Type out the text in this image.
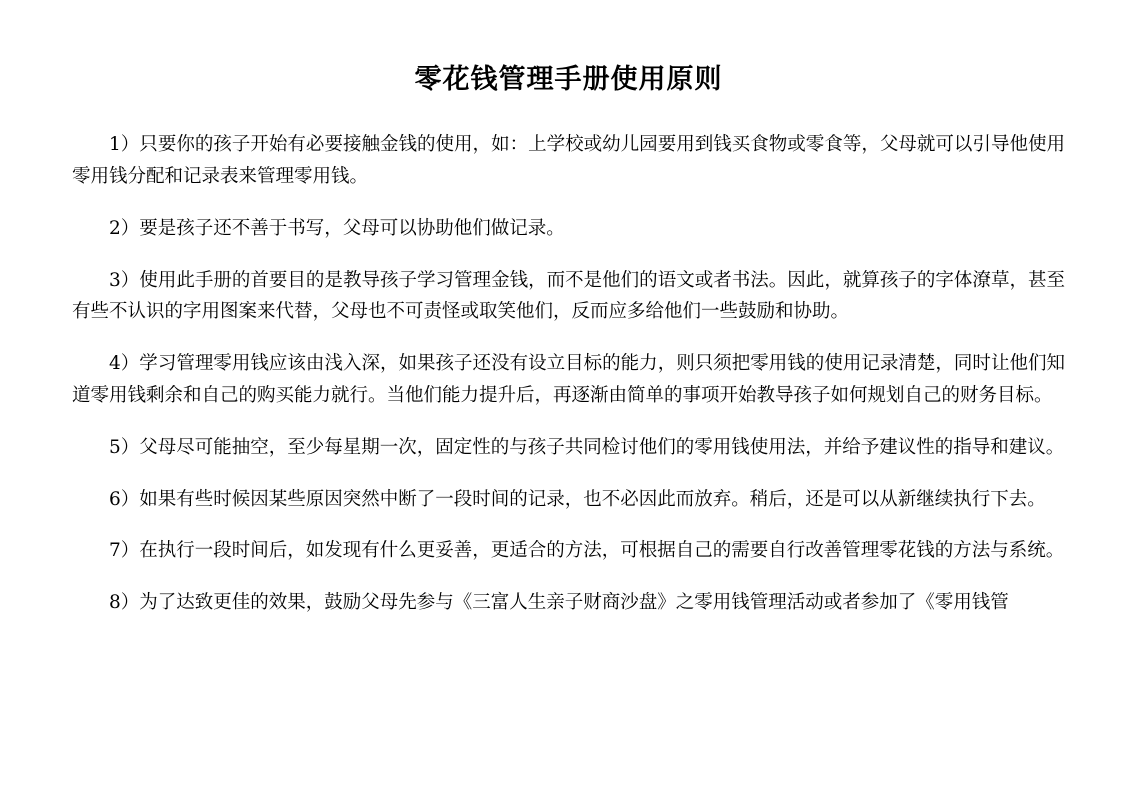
零花钱管理手册使用原则

1）只要你的孩子开始有必要接触金钱的使用，如：上学校或幼儿园要用到钱买食物或零食等，父母就可以引导他使用零用钱分配和记录表来管理零用钱。

2）要是孩子还不善于书写，父母可以协助他们做记录。

3）使用此手册的首要目的是教导孩子学习管理金钱，而不是他们的语文或者书法。因此，就算孩子的字体潦草，甚至有些不认识的字用图案来代替，父母也不可责怪或取笑他们，反而应多给他们一些鼓励和协助。

4）学习管理零用钱应该由浅入深，如果孩子还没有设立目标的能力，则只须把零用钱的使用记录清楚，同时让他们知道零用钱剩余和自己的购买能力就行。当他们能力提升后，再逐渐由简单的事项开始教导孩子如何规划自己的财务目标。

5）父母尽可能抽空，至少每星期一次，固定性的与孩子共同检讨他们的零用钱使用法，并给予建议性的指导和建议。

6）如果有些时候因某些原因突然中断了一段时间的记录，也不必因此而放弃。稍后，还是可以从新继续执行下去。

7）在执行一段时间后，如发现有什么更妥善，更适合的方法，可根据自己的需要自行改善管理零花钱的方法与系统。

8）为了达致更佳的效果，鼓励父母先参与《三富人生亲子财商沙盘》之零用钱管理活动或者参加了《零用钱管
